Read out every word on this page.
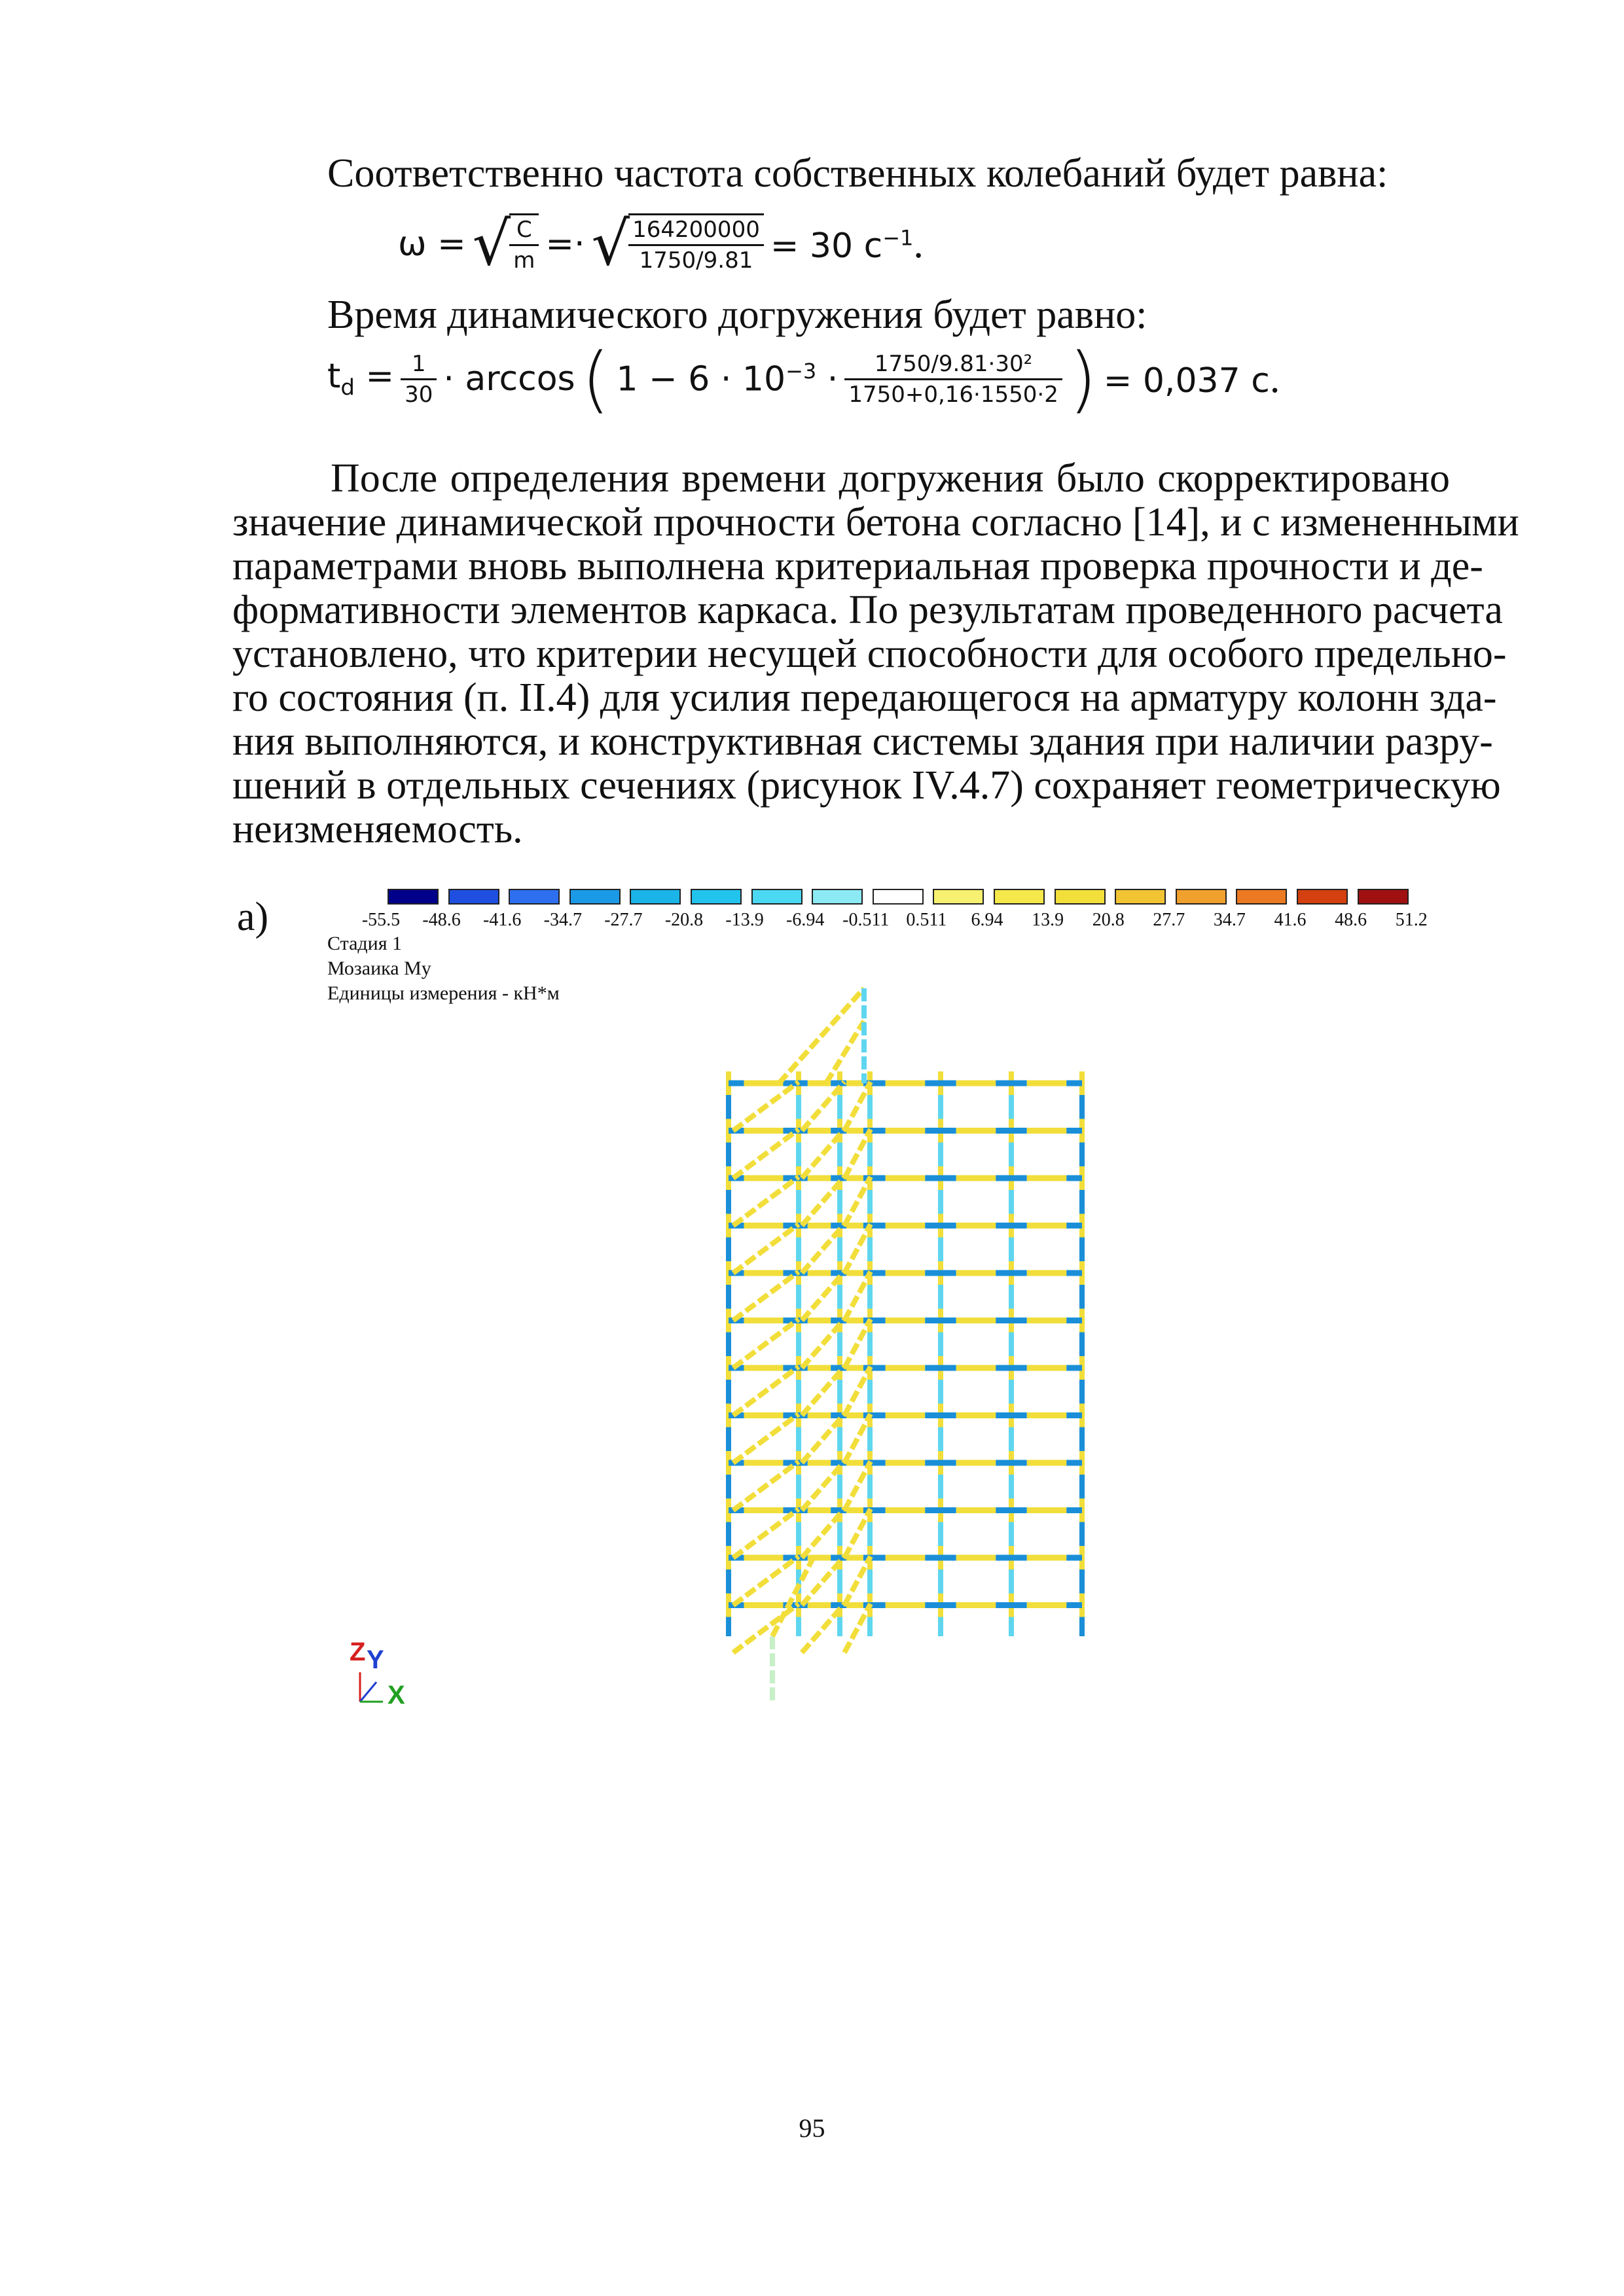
Соответственно частота собственных колебаний будет равна:
ω = √
$\frac{C}{m}$ =· √
$\frac{164200000}{1750/9.81} = 30$ $c^{-1}$.
Время динамического догружения будет равно:
$t_d = \frac{1}{30} \cdot \arccos$ ( $1 - 6 \cdot 10^{-3} \cdot \frac{\text{1750/9.81·30²}}{1750+0,16\cdot 1550\cdot 2}$ ) = 0,037 c.
После определения времени догружения было скорректировано
значение динамической прочности бетона согласно [14], и с измененными
параметрами вновь выполнена критериальная проверка прочности и де-
формативности элементов каркаса. По результатам проведенного расчета
установлено, что критерии несущей способности для особого предельно-
го состояния (п. II.4) для усилия передающегося на арматуру колонн зда-
ния выполняются, и конструктивная системы здания при наличии разру-
шений в отдельных сечениях (рисунок IV.4.7) сохраняет геометрическую
неизменяемость.
а)	-55.5 -48.6 -41.6 -34.7 -27.7 -20.8 -13.9 -6.94 -0.511 0.511 6.94 13.9 20.8 27.7 34.7 41.6 48.6 51.2
Стадия 1
Мозаика My
Единицы измерения - кН*м
Z Y
X
95
